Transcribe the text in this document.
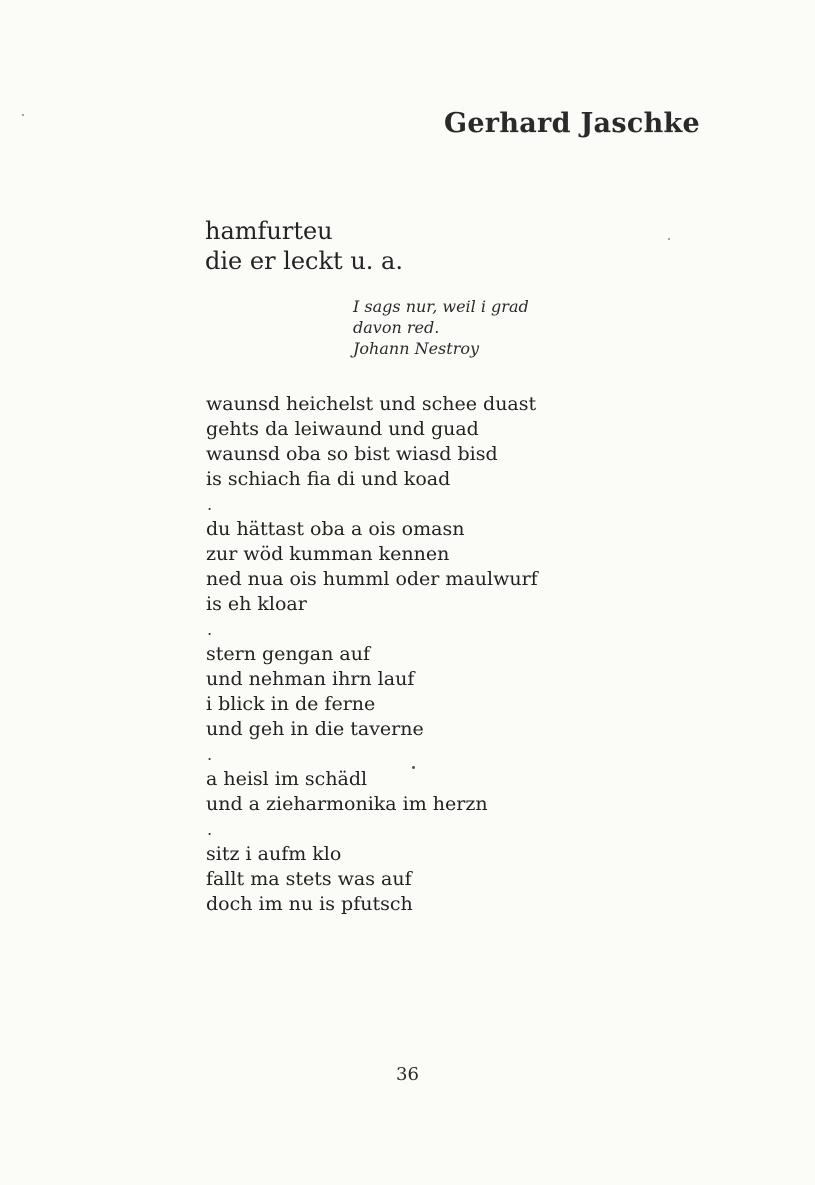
Gerhard Jaschke
hamfurteu
die er leckt u. a.
I sags nur, weil i grad
davon red.
Johann Nestroy
waunsd heichelst und schee duast
gehts da leiwaund und guad
waunsd oba so bist wiasd bisd
is schiach fia di und koad
.
du hättast oba a ois omasn
zur wöd kumman kennen
ned nua ois humml oder maulwurf
is eh kloar
.
stern gengan auf
und nehman ihrn lauf
i blick in de ferne
und geh in die taverne
.
a heisl im schädl
und a zieharmonika im herzn
.
sitz i aufm klo
fallt ma stets was auf
doch im nu is pfutsch
36
